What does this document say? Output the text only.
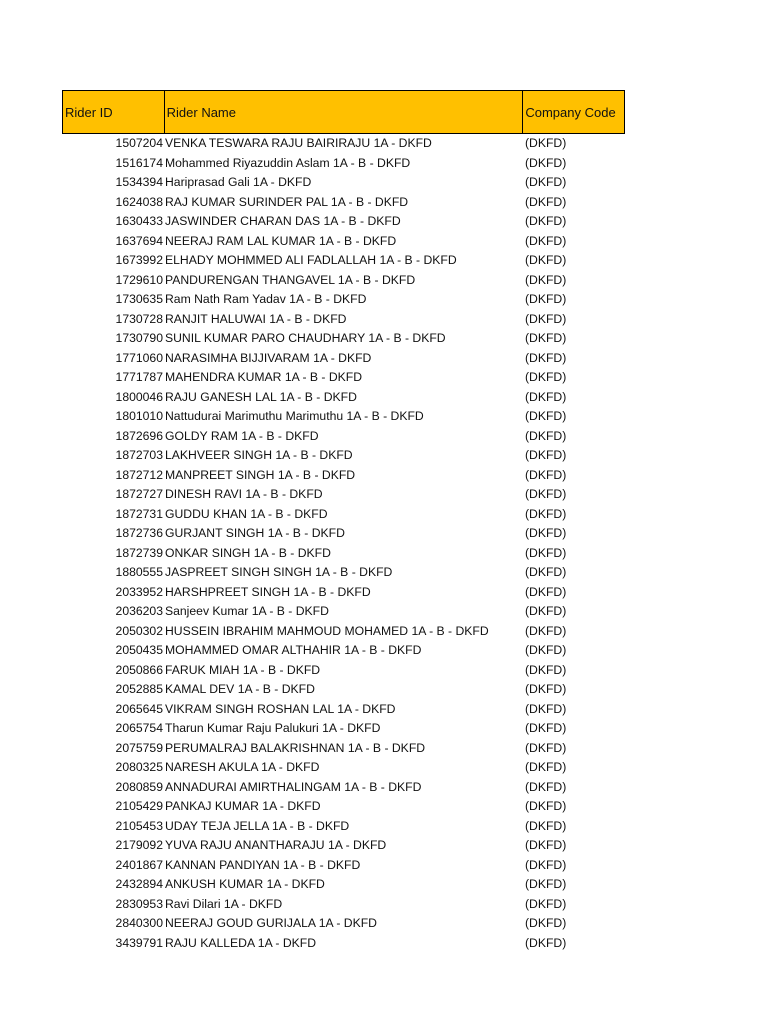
Rider ID	Rider Name	Company Code
1507204 VENKA TESWARA RAJU BAIRIRAJU 1A - DKFD	(DKFD)
1516174 Mohammed Riyazuddin Aslam 1A - B - DKFD	(DKFD)
1534394 Hariprasad Gali 1A - DKFD	(DKFD)
1624038 RAJ KUMAR SURINDER PAL 1A - B - DKFD	(DKFD)
1630433 JASWINDER CHARAN DAS 1A - B - DKFD	(DKFD)
1637694 NEERAJ RAM LAL KUMAR 1A - B - DKFD	(DKFD)
1673992 ELHADY MOHMMED ALI FADLALLAH 1A - B - DKFD	(DKFD)
1729610 PANDURENGAN THANGAVEL 1A - B - DKFD	(DKFD)
1730635 Ram Nath Ram Yadav 1A - B - DKFD	(DKFD)
1730728 RANJIT HALUWAI 1A - B - DKFD	(DKFD)
1730790 SUNIL KUMAR PARO CHAUDHARY 1A - B - DKFD	(DKFD)
1771060 NARASIMHA BIJJIVARAM 1A - DKFD	(DKFD)
1771787 MAHENDRA KUMAR 1A - B - DKFD	(DKFD)
1800046 RAJU GANESH LAL 1A - B - DKFD	(DKFD)
1801010 Nattudurai Marimuthu Marimuthu 1A - B - DKFD	(DKFD)
1872696 GOLDY RAM 1A - B - DKFD	(DKFD)
1872703 LAKHVEER SINGH 1A - B - DKFD	(DKFD)
1872712 MANPREET SINGH 1A - B - DKFD	(DKFD)
1872727 DINESH RAVI 1A - B - DKFD	(DKFD)
1872731 GUDDU KHAN 1A - B - DKFD	(DKFD)
1872736 GURJANT SINGH 1A - B - DKFD	(DKFD)
1872739 ONKAR SINGH 1A - B - DKFD	(DKFD)
1880555 JASPREET SINGH SINGH 1A - B - DKFD	(DKFD)
2033952 HARSHPREET SINGH 1A - B - DKFD	(DKFD)
2036203 Sanjeev Kumar 1A - B - DKFD	(DKFD)
2050302 HUSSEIN IBRAHIM MAHMOUD MOHAMED 1A - B - DKFD	(DKFD)
2050435 MOHAMMED OMAR ALTHAHIR 1A - B - DKFD	(DKFD)
2050866 FARUK MIAH 1A - B - DKFD	(DKFD)
2052885 KAMAL DEV 1A - B - DKFD	(DKFD)
2065645 VIKRAM SINGH ROSHAN LAL 1A - DKFD	(DKFD)
2065754 Tharun Kumar Raju Palukuri 1A - DKFD	(DKFD)
2075759 PERUMALRAJ BALAKRISHNAN 1A - B - DKFD	(DKFD)
2080325 NARESH AKULA 1A - DKFD	(DKFD)
2080859 ANNADURAI AMIRTHALINGAM 1A - B - DKFD	(DKFD)
2105429 PANKAJ KUMAR 1A - DKFD	(DKFD)
2105453 UDAY TEJA JELLA 1A - B - DKFD	(DKFD)
2179092 YUVA RAJU ANANTHARAJU 1A - DKFD	(DKFD)
2401867 KANNAN PANDIYAN 1A - B - DKFD	(DKFD)
2432894 ANKUSH KUMAR 1A - DKFD	(DKFD)
2830953 Ravi Dilari 1A - DKFD	(DKFD)
2840300 NEERAJ GOUD GURIJALA 1A - DKFD	(DKFD)
3439791 RAJU KALLEDA 1A - DKFD	(DKFD)
